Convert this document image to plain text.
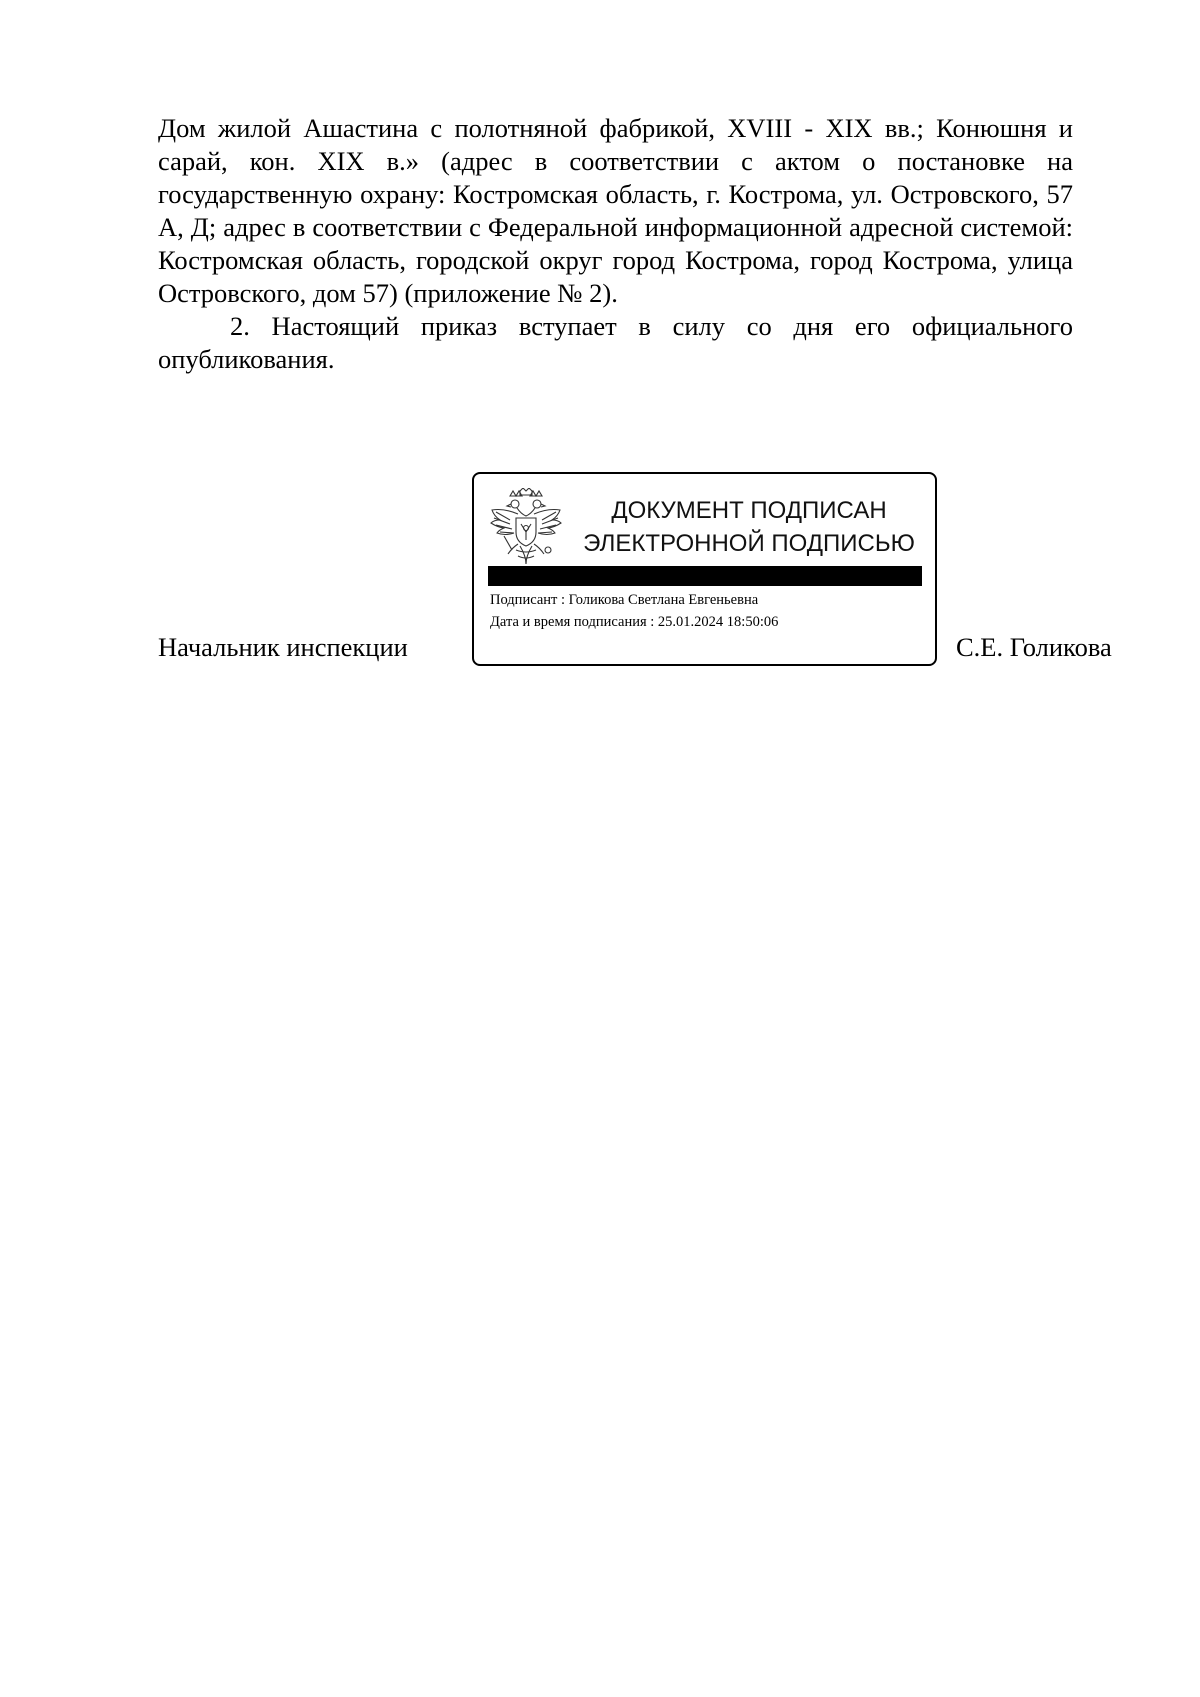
Дом жилой Ашастина с полотняной фабрикой, XVIII - XIX вв.; Конюшня и сарай, кон. XIX в.» (адрес в соответствии с актом о постановке на государственную охрану: Костромская область, г. Кострома, ул. Островского, 57 А, Д; адрес в соответствии с Федеральной информационной адресной системой: Костромская область, городской округ город Кострома, город Кострома, улица Островского, дом 57) (приложение № 2).

2. Настоящий приказ вступает в силу со дня его официального опубликования.

Начальник инспекции
ДОКУМЕНТ ПОДПИСАН
ЭЛЕКТРОННОЙ ПОДПИСЬЮ
Подписант : Голикова Светлана Евгеньевна
Дата и время подписания : 25.01.2024 18:50:06
С.Е. Голикова
